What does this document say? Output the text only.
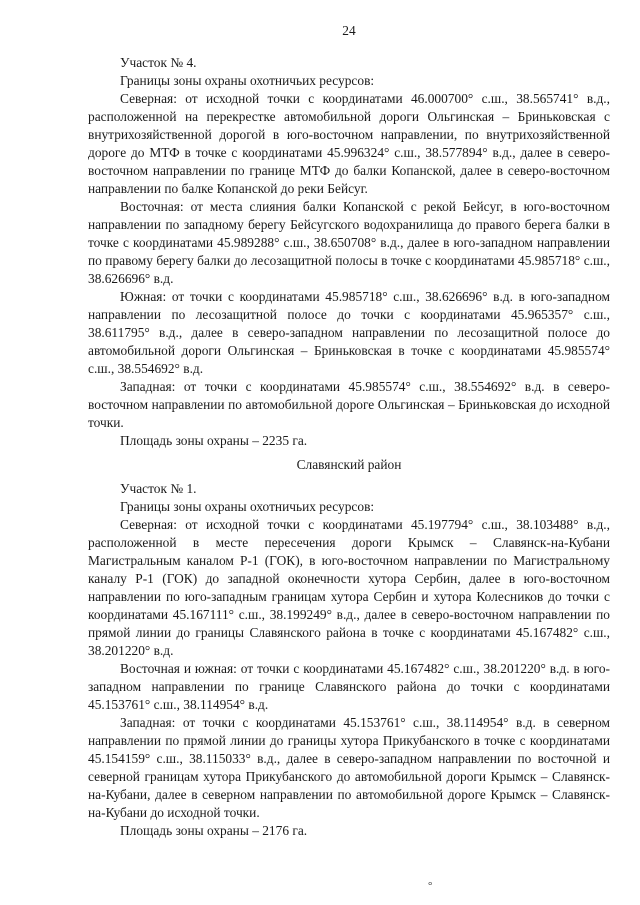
24

Участок № 4.

Границы зоны охраны охотничьих ресурсов:

Северная: от исходной точки с координатами 46.000700° с.ш., 38.565741° в.д., расположенной на перекрестке автомобильной дороги Ольгинская – Бриньковская с внутрихозяйственной дорогой в юго-восточном направлении, по внутрихозяйственной дороге до МТФ в точке с координатами 45.996324° с.ш., 38.577894° в.д., далее в северо-восточном направлении по границе МТФ до балки Копанской, далее в северо-восточном направлении по балке Копанской до реки Бейсуг.

Восточная: от места слияния балки Копанской с рекой Бейсуг, в юго-восточном направлении по западному берегу Бейсугского водохранилища до правого берега балки в точке с координатами 45.989288° с.ш., 38.650708° в.д., далее в юго-западном направлении по правому берегу балки до лесозащитной полосы в точке с координатами 45.985718° с.ш., 38.626696° в.д.

Южная: от точки с координатами 45.985718° с.ш., 38.626696° в.д. в юго-западном направлении по лесозащитной полосе до точки с координатами 45.965357° с.ш., 38.611795° в.д., далее в северо-западном направлении по лесозащитной полосе до автомобильной дороги Ольгинская – Бриньковская в точке с координатами 45.985574° с.ш., 38.554692° в.д.

Западная: от точки с координатами 45.985574° с.ш., 38.554692° в.д. в северо-восточном направлении по автомобильной дороге Ольгинская – Бриньковская до исходной точки.

Площадь зоны охраны – 2235 га.

Славянский район

Участок № 1.

Границы зоны охраны охотничьих ресурсов:

Северная: от исходной точки с координатами 45.197794° с.ш., 38.103488° в.д., расположенной в месте пересечения дороги Крымск – Славянск-на-Кубани Магистральным каналом Р-1 (ГОК), в юго-восточном направлении по Магистральному каналу Р-1 (ГОК) до западной оконечности хутора Сербин, далее в юго-восточном направлении по юго-западным границам хутора Сербин и хутора Колесников до точки с координатами 45.167111° с.ш., 38.199249° в.д., далее в северо-восточном направлении по прямой линии до границы Славянского района в точке с координатами 45.167482° с.ш., 38.201220° в.д.

Восточная и южная: от точки с координатами 45.167482° с.ш., 38.201220° в.д. в юго-западном направлении по границе Славянского района до точки с координатами 45.153761° с.ш., 38.114954° в.д.

Западная: от точки с координатами 45.153761° с.ш., 38.114954° в.д. в северном направлении по прямой линии до границы хутора Прикубанского в точке с координатами 45.154159° с.ш., 38.115033° в.д., далее в северо-западном направлении по восточной и северной границам хутора Прикубанского до автомобильной дороги Крымск – Славянск-на-Кубани, далее в северном направлении по автомобильной дороге Крымск – Славянск-на-Кубани до исходной точки.

Площадь зоны охраны – 2176 га.

°
